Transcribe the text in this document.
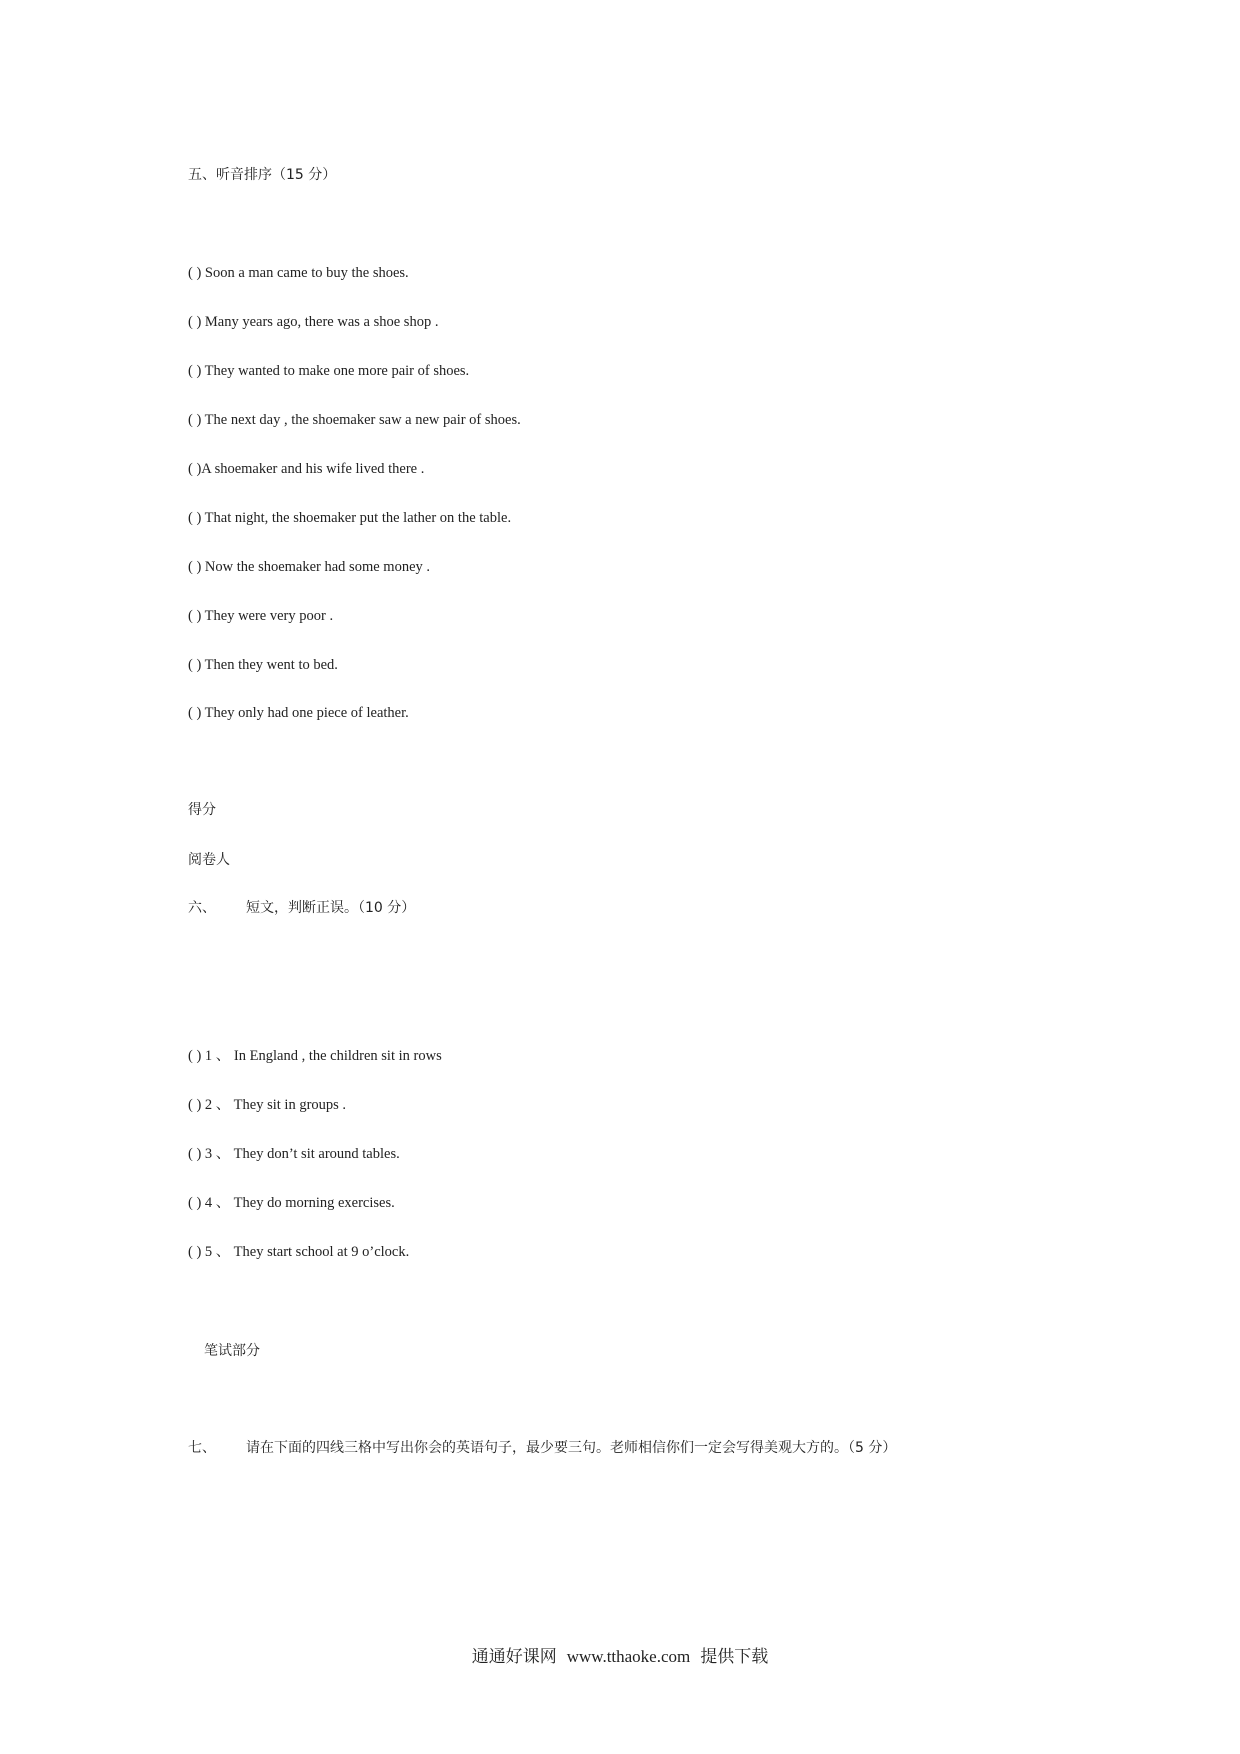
五、听音排序（15 分）
( ) Soon a man came to buy the shoes.
( ) Many years ago, there was a shoe shop .
( ) They wanted to make one more pair of shoes.
( ) The next day , the shoemaker saw a new pair of shoes.
( )A shoemaker and his wife lived there .
( ) That night, the shoemaker put the lather on the table.
( ) Now the shoemaker had some money .
( ) They were very poor .
( ) Then they went to bed.
( ) They only had one piece of leather.
得分
阅卷人
六、 短文，判断正误。（10 分）
( ) 1 、 In England , the children sit in rows
( ) 2 、 They sit in groups .
( ) 3 、 They don’t sit around tables.
( ) 4 、 They do morning exercises.
( ) 5 、 They start school at 9 o’clock.
笔试部分
七、 请在下面的四线三格中写出你会的英语句子，最少要三句。老师相信你们一定会写得美观大方的。（5 分）
通通好课网 www.tthaoke.com 提供下载
